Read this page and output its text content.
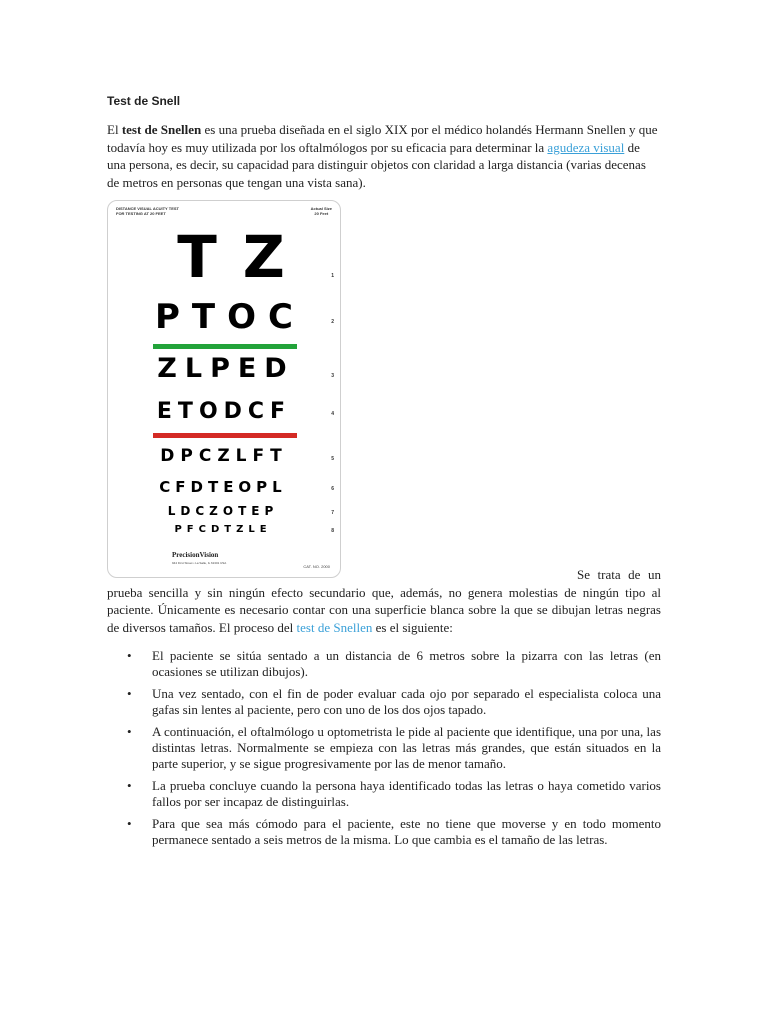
Test de Snell

El test de Snellen es una prueba diseñada en el siglo XIX por el médico holandés Hermann Snellen y que todavía hoy es muy utilizada por los oftalmólogos por su eficacia para determinar la agudeza visual de una persona, es decir, su capacidad para distinguir objetos con claridad a larga distancia (varias decenas de metros en personas que tengan una vista sana).

DISTANCE VISUAL ACUITY TEST
FOR TESTING AT 20 FEET
Actual Size
20 Feet
TZ
PTOC
ZLPED
ETODCF
DPCZLFT
CFDTEOPL
LDCZOTEP
PFCDTZLE
1
2
3
4
5
6
7
8
PrecisionVision
944 First Street • La Salle, IL 61301 USA
CAT. NO. 2000

Se trata de un prueba sencilla y sin ningún efecto secundario que, además, no genera molestias de ningún tipo al paciente. Únicamente es necesario contar con una superficie blanca sobre la que se dibujan letras negras de diversos tamaños. El proceso del test de Snellen es el siguiente:

• El paciente se sitúa sentado a un distancia de 6 metros sobre la pizarra con las letras (en ocasiones se utilizan dibujos).
• Una vez sentado, con el fin de poder evaluar cada ojo por separado el especialista coloca una gafas sin lentes al paciente, pero con uno de los dos ojos tapado.
• A continuación, el oftalmólogo u optometrista le pide al paciente que identifique, una por una, las distintas letras. Normalmente se empieza con las letras más grandes, que están situados en la parte superior, y se sigue progresivamente por las de menor tamaño.
• La prueba concluye cuando la persona haya identificado todas las letras o haya cometido varios fallos por ser incapaz de distinguirlas.
• Para que sea más cómodo para el paciente, este no tiene que moverse y en todo momento permanece sentado a seis metros de la misma. Lo que cambia es el tamaño de las letras.
